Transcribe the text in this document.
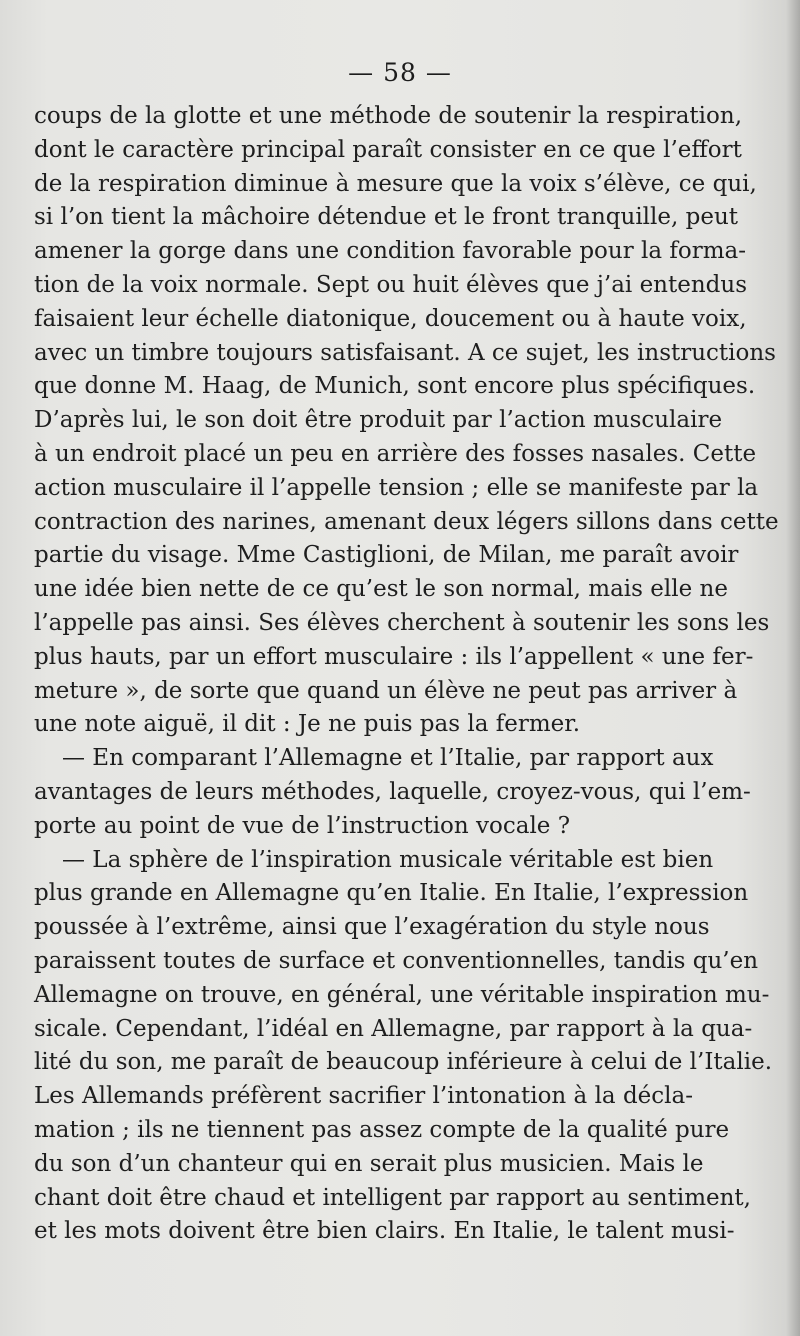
— 58 —
coups de la glotte et une méthode de soutenir la respiration,
dont le caractère principal paraît consister en ce que l’effort
de la respiration diminue à mesure que la voix s’élève, ce qui,
si l’on tient la mâchoire détendue et le front tranquille, peut
amener la gorge dans une condition favorable pour la forma-
tion de la voix normale. Sept ou huit élèves que j’ai entendus
faisaient leur échelle diatonique, doucement ou à haute voix,
avec un timbre toujours satisfaisant. A ce sujet, les instructions
que donne M. Haag, de Munich, sont encore plus spécifiques.
D’après lui, le son doit être produit par l’action musculaire
à un endroit placé un peu en arrière des fosses nasales. Cette
action musculaire il l’appelle tension ; elle se manifeste par la
contraction des narines, amenant deux légers sillons dans cette
partie du visage. Mme Castiglioni, de Milan, me paraît avoir
une idée bien nette de ce qu’est le son normal, mais elle ne
l’appelle pas ainsi. Ses élèves cherchent à soutenir les sons les
plus hauts, par un effort musculaire : ils l’appellent « une fer-
meture », de sorte que quand un élève ne peut pas arriver à
une note aiguë, il dit : Je ne puis pas la fermer.
— En comparant l’Allemagne et l’Italie, par rapport aux
avantages de leurs méthodes, laquelle, croyez-vous, qui l’em-
porte au point de vue de l’instruction vocale ?
— La sphère de l’inspiration musicale véritable est bien
plus grande en Allemagne qu’en Italie. En Italie, l’expression
poussée à l’extrême, ainsi que l’exagération du style nous
paraissent toutes de surface et conventionnelles, tandis qu’en
Allemagne on trouve, en général, une véritable inspiration mu-
sicale. Cependant, l’idéal en Allemagne, par rapport à la qua-
lité du son, me paraît de beaucoup inférieure à celui de l’Italie.
Les Allemands préfèrent sacrifier l’intonation à la décla-
mation ; ils ne tiennent pas assez compte de la qualité pure
du son d’un chanteur qui en serait plus musicien. Mais le
chant doit être chaud et intelligent par rapport au sentiment,
et les mots doivent être bien clairs. En Italie, le talent musi-
